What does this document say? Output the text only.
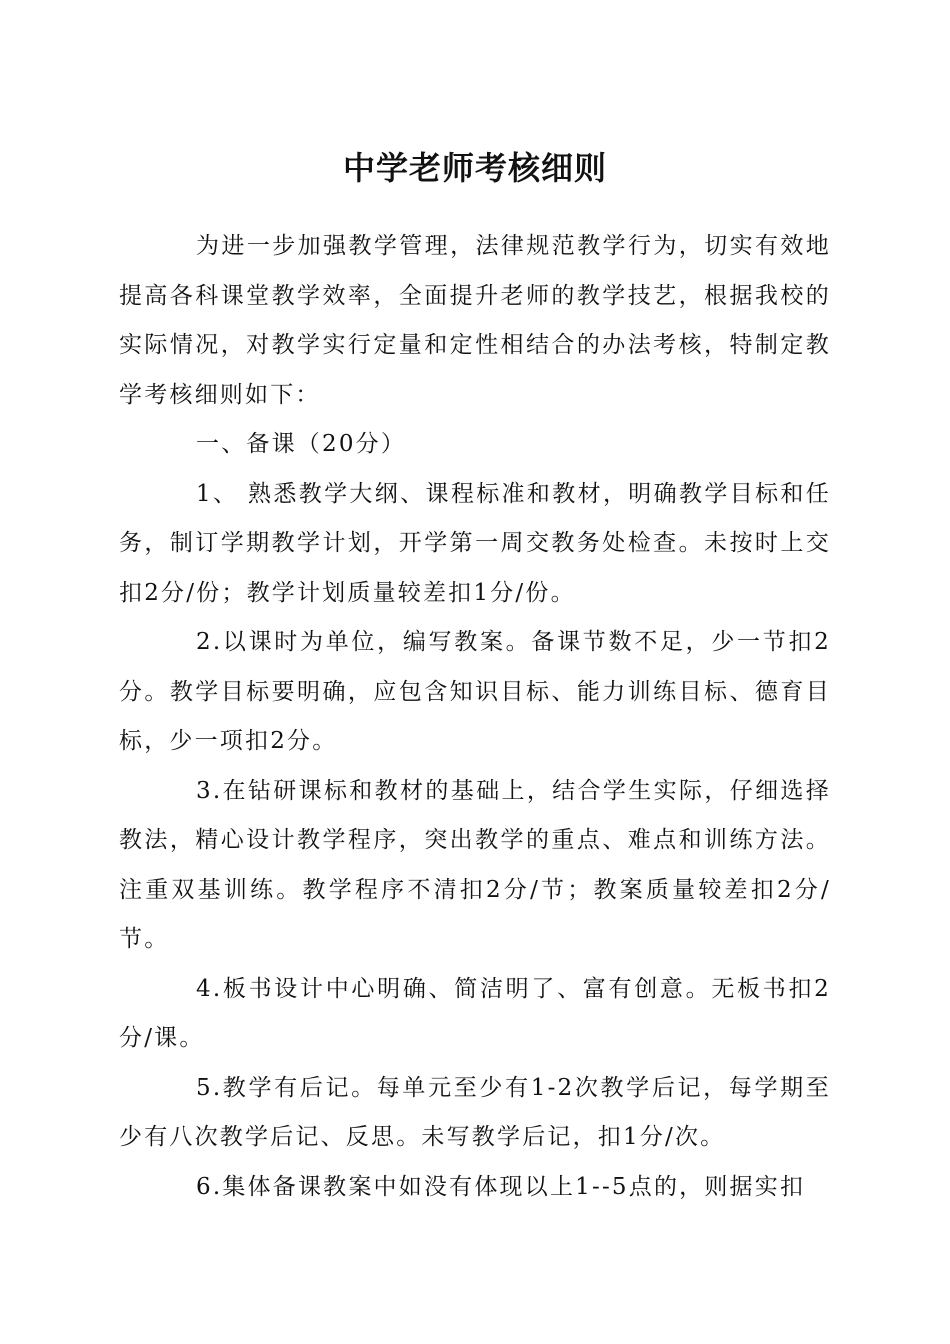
中学老师考核细则

为进一步加强教学管理，法律规范教学行为，切实有效地提高各科课堂教学效率，全面提升老师的教学技艺，根据我校的实际情况，对教学实行定量和定性相结合的办法考核，特制定教学考核细则如下：

一、备课（20分）

1、 熟悉教学大纲、课程标准和教材，明确教学目标和任务，制订学期教学计划，开学第一周交教务处检查。未按时上交扣2分/份；教学计划质量较差扣1分/份。

2.以课时为单位，编写教案。备课节数不足，少一节扣2分。教学目标要明确，应包含知识目标、能力训练目标、德育目标，少一项扣2分。

3.在钻研课标和教材的基础上，结合学生实际，仔细选择教法，精心设计教学程序，突出教学的重点、难点和训练方法。注重双基训练。教学程序不清扣2分/节；教案质量较差扣2分/节。

4.板书设计中心明确、简洁明了、富有创意。无板书扣2分/课。

5.教学有后记。每单元至少有1-2次教学后记，每学期至少有八次教学后记、反思。未写教学后记，扣1分/次。

6.集体备课教案中如没有体现以上1--5点的，则据实扣
